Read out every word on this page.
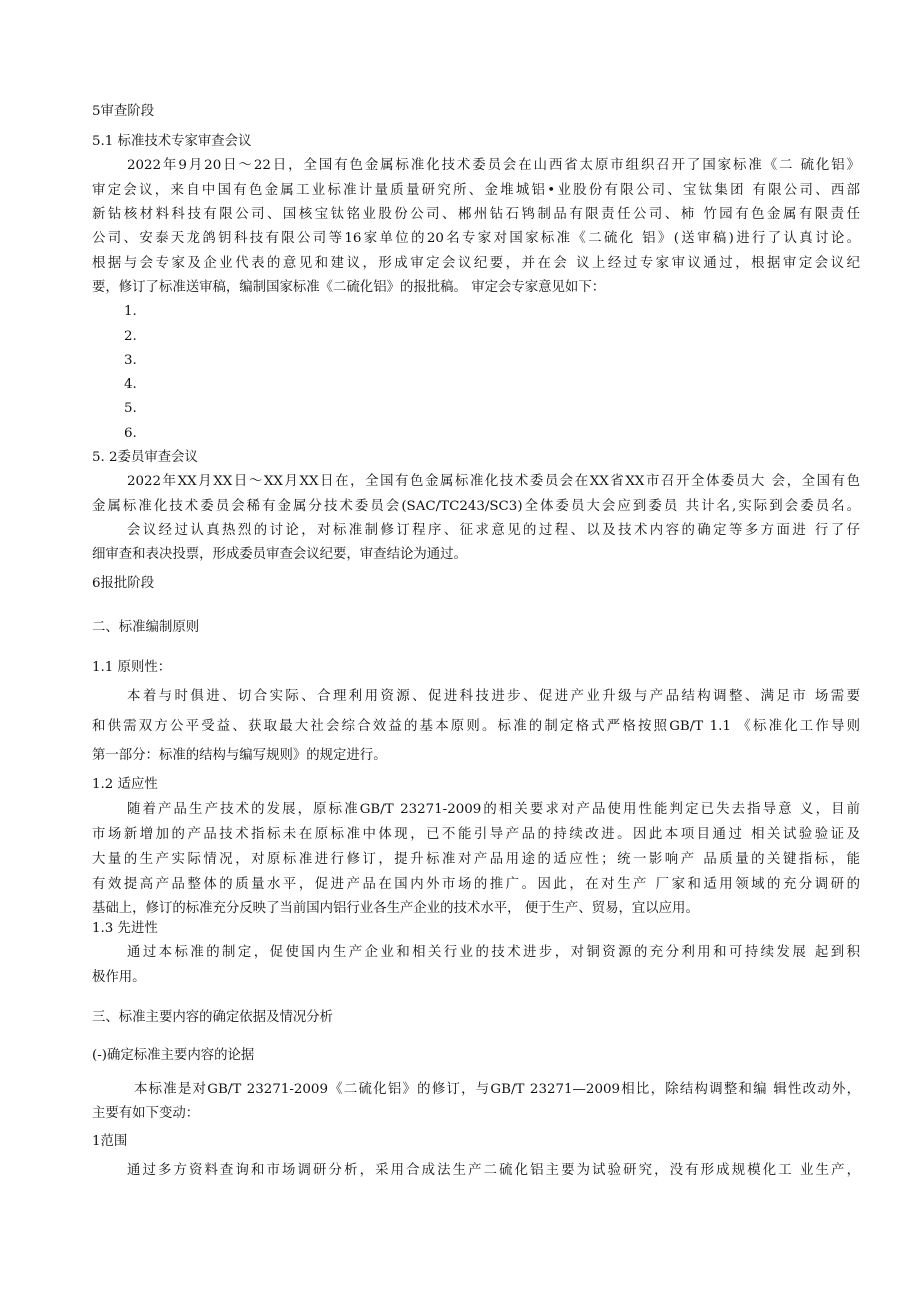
5审查阶段
5.1 标准技术专家审查会议
2022年9月20日～22日，全国有色金属标准化技术委员会在山西省太原市组织召开了国家标准《二 硫化铝》
审定会议，来自中国有色金属工业标准计量质量研究所、金堆城铝•业股份有限公司、宝钛集团 有限公司、西部
新钻核材料科技有限公司、国核宝钛铭业股份公司、郴州钻石鸨制品有限责任公司、柿 竹园有色金属有限责任
公司、安泰天龙鸽钥科技有限公司等16家单位的20名专家对国家标准《二硫化 铝》(送审稿)进行了认真讨论。
根据与会专家及企业代表的意见和建议，形成审定会议纪要，并在会 议上经过专家审议通过，根据审定会议纪
要，修订了标准送审稿，编制国家标准《二硫化铝》的报批稿。 审定会专家意见如下：
1.
2.
3.
4.
5.
6.
5. 2委员审查会议
2022年XX月XX日～XX月XX日在，全国有色金属标准化技术委员会在XX省XX市召开全体委员大 会，全国有色
金属标准化技术委员会稀有金属分技术委员会(SAC/TC243/SC3)全体委员大会应到委员 共计名,实际到会委员名。
会议经过认真热烈的讨论，对标准制修订程序、征求意见的过程、以及技术内容的确定等多方面进 行了仔
细审查和表决投票，形成委员审查会议纪要，审查结论为通过。
6报批阶段
二、标准编制原则
1.1 原则性：
本着与时俱进、切合实际、合理利用资源、促进科技进步、促进产业升级与产品结构调整、满足市 场需要
和供需双方公平受益、获取最大社会综合效益的基本原则。标准的制定格式严格按照GB/T 1.1 《标准化工作导则
第一部分：标准的结构与编写规则》的规定进行。
1.2 适应性
随着产品生产技术的发展，原标准GB/T 23271-2009的相关要求对产品使用性能判定已失去指导意 义，目前
市场新增加的产品技术指标未在原标准中体现，已不能引导产品的持续改进。因此本项目通过 相关试验验证及
大量的生产实际情况，对原标准进行修订，提升标准对产品用途的适应性；统一影响产 品质量的关键指标，能
有效提高产品整体的质量水平，促进产品在国内外市场的推广。因此，在对生产 厂家和适用领域的充分调研的
基础上，修订的标准充分反映了当前国内铝行业各生产企业的技术水平， 便于生产、贸易，宜以应用。
1.3 先进性
通过本标准的制定，促使国内生产企业和相关行业的技术进步，对铜资源的充分利用和可持续发展 起到积
极作用。
三、标准主要内容的确定依据及情况分析
(-)确定标准主要内容的论据
本标准是对GB/T 23271-2009《二硫化铝》的修订，与GB/T 23271—2009相比，除结构调整和编 辑性改动外，
主要有如下变动：
1范围
通过多方资料查询和市场调研分析，采用合成法生产二硫化铝主要为试验研究，没有形成规模化工 业生产，
